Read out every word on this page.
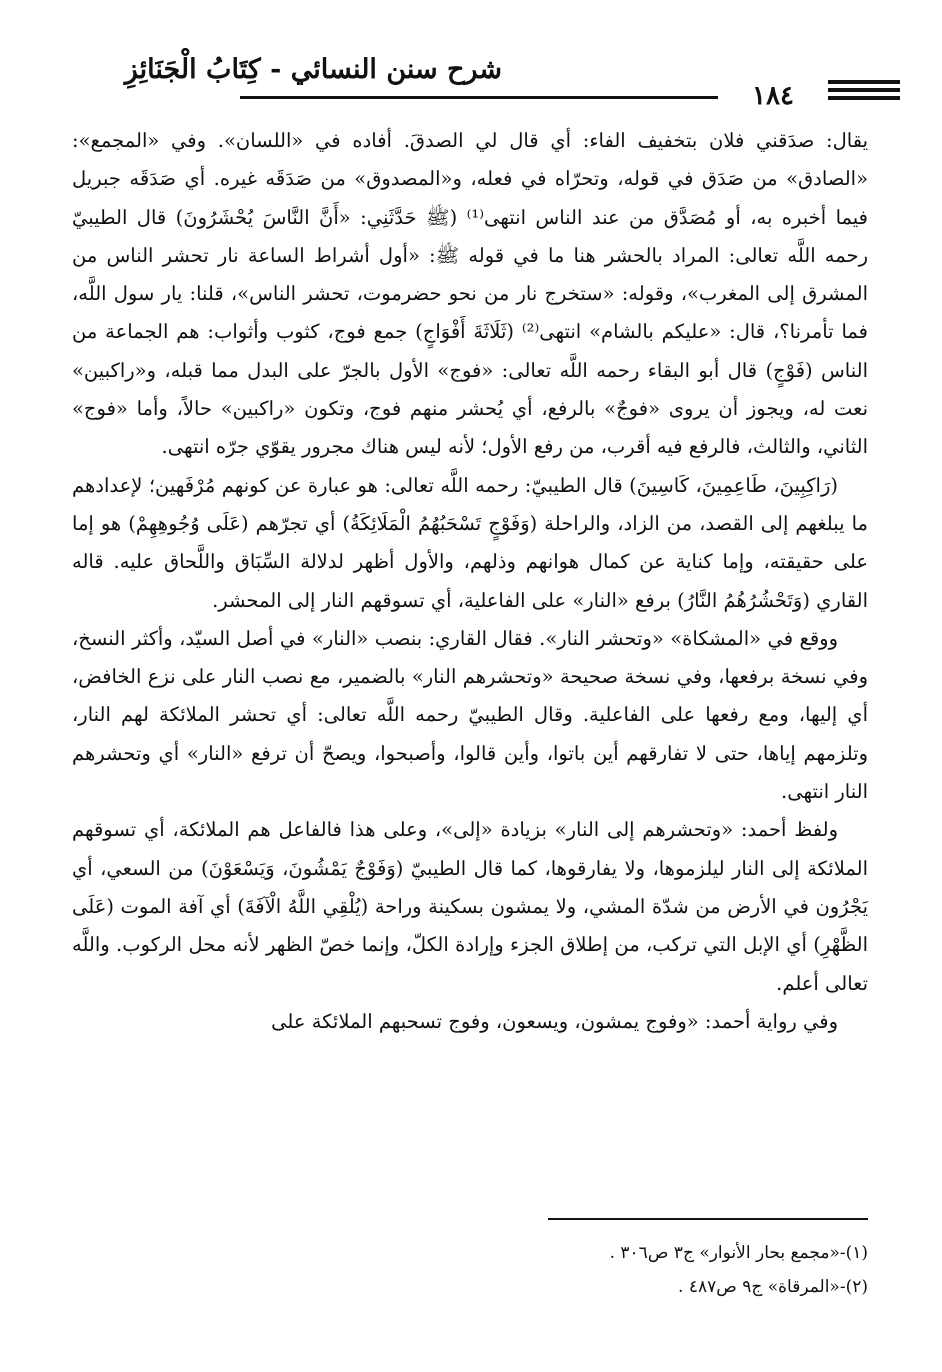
شرح سنن النسائي - كِتَابُ الْجَنَائِزِ
١٨٤

يقال: صدَقني فلان بتخفيف الفاء: أي قال لي الصدقَ. أفاده في «اللسان». وفي «المجمع»: «الصادق» من صَدَق في قوله، وتحرّاه في فعله، و«المصدوق» من صَدَقَه غيره. أي صَدَقَه جبريل فيما أخبره به، أو مُصَدَّق من عند الناس انتهى⁽¹⁾ (ﷺ حَدَّثَنِي: «أَنَّ النَّاسَ يُحْشَرُونَ) قال الطيبيّ رحمه اللَّه تعالى: المراد بالحشر هنا ما في قوله ﷺ: «أول أشراط الساعة نار تحشر الناس من المشرق إلى المغرب»، وقوله: «ستخرج نار من نحو حضرموت، تحشر الناس»، قلنا: يار سول اللَّه، فما تأمرنا؟، قال: «عليكم بالشام» انتهى⁽²⁾ (ثَلَاثَةَ أَفْوَاجٍ) جمع فوج، كثوب وأثواب: هم الجماعة من الناس (فَوْجٍ) قال أبو البقاء رحمه اللَّه تعالى: «فوج» الأول بالجرّ على البدل مما قبله، و«راكبين» نعت له، ويجوز أن يروى «فوجٌ» بالرفع، أي يُحشر منهم فوج، وتكون «راكبين» حالاً، وأما «فوج» الثاني، والثالث، فالرفع فيه أقرب، من رفع الأول؛ لأنه ليس هناك مجرور يقوّي جرّه انتهى.

(رَاكِبِينَ، طَاعِمِينَ، كَاسِينَ) قال الطيبيّ: رحمه اللَّه تعالى: هو عبارة عن كونهم مُرْفَهين؛ لإعدادهم ما يبلغهم إلى القصد، من الزاد، والراحلة (وَفَوْجٍ تَسْحَبُهُمُ الْمَلَائِكَةُ) أي تجرّهم (عَلَى وُجُوهِهِمْ) هو إما على حقيقته، وإما كناية عن كمال هوانهم وذلهم، والأول أظهر لدلالة السِّبَاق واللَّحاق عليه. قاله القاري (وَتَحْشُرُهُمُ النَّارُ) برفع «النار» على الفاعلية، أي تسوقهم النار إلى المحشر.

ووقع في «المشكاة» «وتحشر النار». فقال القاري: بنصب «النار» في أصل السيّد، وأكثر النسخ، وفي نسخة برفعها، وفي نسخة صحيحة «وتحشرهم النار» بالضمير، مع نصب النار على نزع الخافض، أي إليها، ومع رفعها على الفاعلية. وقال الطيبيّ رحمه اللَّه تعالى: أي تحشر الملائكة لهم النار، وتلزمهم إياها، حتى لا تفارقهم أين باتوا، وأين قالوا، وأصبحوا، ويصحّ أن ترفع «النار» أي وتحشرهم النار انتهى.

ولفظ أحمد: «وتحشرهم إلى النار» بزيادة «إلى»، وعلى هذا فالفاعل هم الملائكة، أي تسوقهم الملائكة إلى النار ليلزموها، ولا يفارقوها، كما قال الطيبيّ (وَفَوْجٌ يَمْشُونَ، وَيَسْعَوْنَ) من السعي، أي يَجْرُون في الأرض من شدّة المشي، ولا يمشون بسكينة وراحة (يُلْقِي اللَّهُ الْآفَةَ) أي آفة الموت (عَلَى الظَّهْرِ) أي الإبل التي تركب، من إطلاق الجزء وإرادة الكلّ، وإنما خصّ الظهر لأنه محل الركوب. واللَّه تعالى أعلم.

وفي رواية أحمد: «وفوج يمشون، ويسعون، وفوج تسحبهم الملائكة على

(١)-«مجمع بحار الأنوار» ج٣ ص٣٠٦ .
(٢)-«المرقاة» ج٩ ص٤٨٧ .
